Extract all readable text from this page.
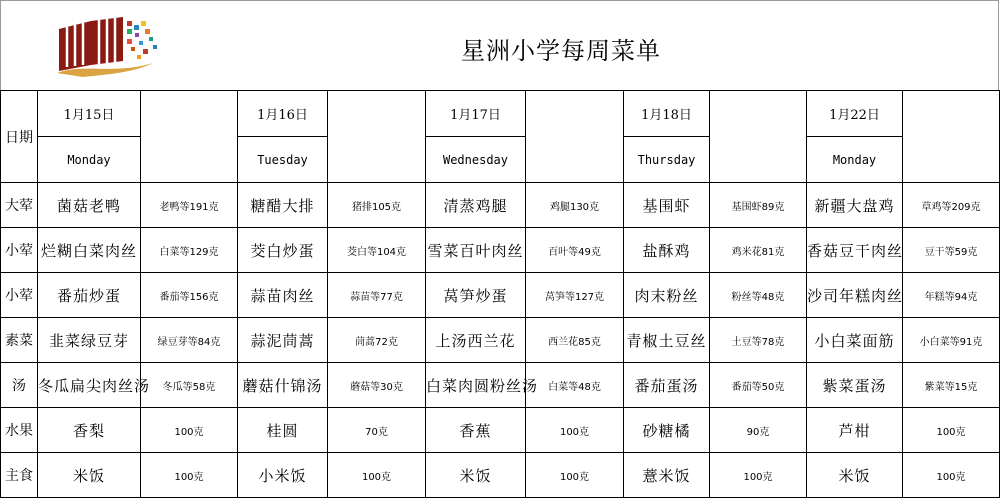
星洲小学每周菜单
日期	1月15日		1月16日		1月17日		1月18日		1月22日	
	Monday		Tuesday		Wednesday		Thursday		Monday	
大荤	菌菇老鸭	老鸭等191克	糖醋大排	猪排105克	清蒸鸡腿	鸡腿130克	基围虾	基围虾89克	新疆大盘鸡	草鸡等209克
小荤	烂糊白菜肉丝	白菜等129克	茭白炒蛋	茭白等104克	雪菜百叶肉丝	百叶等49克	盐酥鸡	鸡米花81克	香菇豆干肉丝	豆干等59克
小荤	番茄炒蛋	番茄等156克	蒜苗肉丝	蒜苗等77克	莴笋炒蛋	莴笋等127克	肉末粉丝	粉丝等48克	沙司年糕肉丝	年糕等94克
素菜	韭菜绿豆芽	绿豆芽等84克	蒜泥茼蒿	茼蒿72克	上汤西兰花	西兰花85克	青椒土豆丝	土豆等78克	小白菜面筋	小白菜等91克
汤	冬瓜扁尖肉丝汤	冬瓜等58克	蘑菇什锦汤	蘑菇等30克	白菜肉圆粉丝汤	白菜等48克	番茄蛋汤	番茄等50克	紫菜蛋汤	紫菜等15克
水果	香梨	100克	桂圆	70克	香蕉	100克	砂糖橘	90克	芦柑	100克
主食	米饭	100克	小米饭	100克	米饭	100克	薏米饭	100克	米饭	100克
